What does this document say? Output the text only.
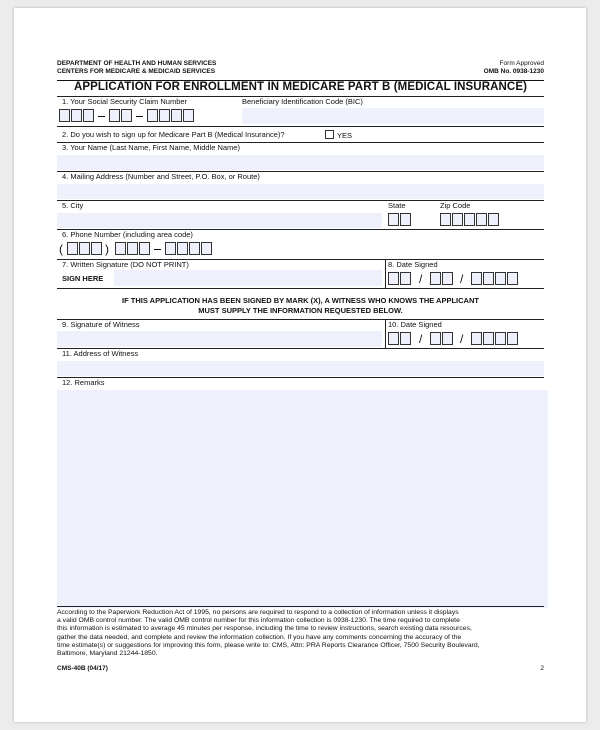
DEPARTMENT OF HEALTH AND HUMAN SERVICES
CENTERS FOR MEDICARE & MEDICAID SERVICES
Form Approved
OMB No. 0938-1230
APPLICATION FOR ENROLLMENT IN MEDICARE PART B (MEDICAL INSURANCE)
1. Your Social Security Claim Number	Beneficiary Identification Code (BIC)
2. Do you wish to sign up for Medicare Part B (Medical Insurance)?	YES
3. Your Name (Last Name, First Name, Middle Name)
4. Mailing Address (Number and Street, P.O. Box, or Route)
5. City	State	Zip Code
6. Phone Number (including area code)
(	)
7. Written Signature (DO NOT PRINT)
SIGN HERE
8. Date Signed
/	/
IF THIS APPLICATION HAS BEEN SIGNED BY MARK (X), A WITNESS WHO KNOWS THE APPLICANT
MUST SUPPLY THE INFORMATION REQUESTED BELOW.
9. Signature of Witness	10. Date Signed
/	/
11. Address of Witness
12. Remarks
According to the Paperwork Reduction Act of 1995, no persons are required to respond to a collection of information unless it displays
a valid OMB control number. The valid OMB control number for this information collection is 0938-1230. The time required to complete
this information is estimated to average 45 minutes per response, including the time to review instructions, search existing data resources,
gather the data needed, and complete and review the information collection. If you have any comments concerning the accuracy of the
time estimate(s) or suggestions for improving this form, please write to: CMS, Attn: PRA Reports Clearance Officer, 7500 Security Boulevard,
Baltimore, Maryland 21244-1850.
CMS-40B (04/17)	2
